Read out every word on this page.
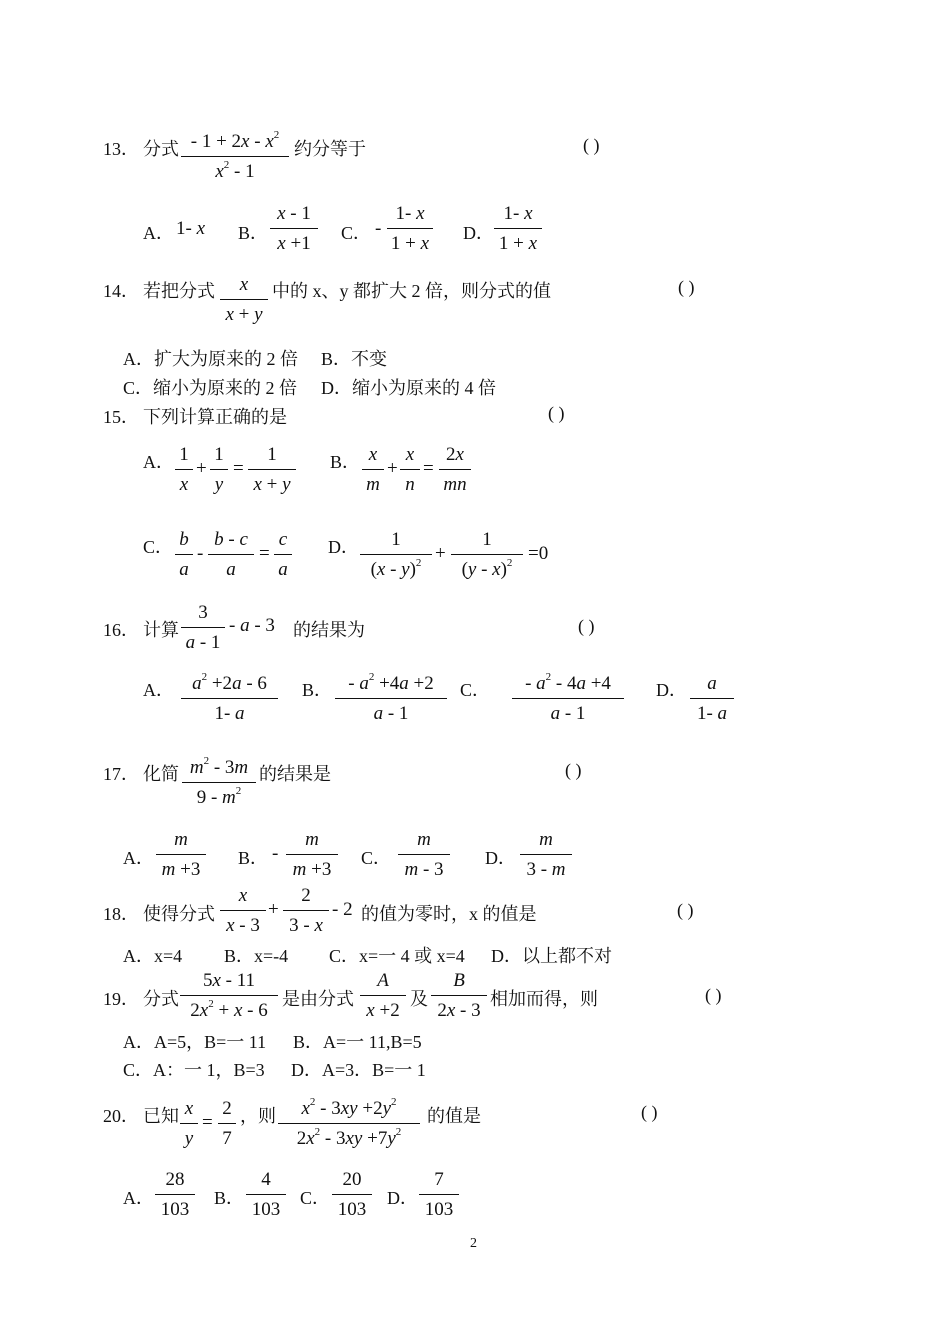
13． 分式 - $1 + 2x - x^2$
$x^2 - 1$
约分等于	( )
A． 1- x B．
x - 1
x +1	C． -
1- x
1 + x D．
1- x
1 + x
14． 若把分式	x
x + y
中的 x、y 都扩大 2 倍，则分式的值	( )
A．扩大为原来的 2 倍 B．不变
C．缩小为原来的 2 倍 D．缩小为原来的 4 倍
15． 下列计算正确的是	( )
A． 1
x
+
1
y
=
1
x + y
B． x
m
+
x
n
=
2x
mn
C． b
a
-
b - c
a
=
c
a
D．	1
(x - y)$^2$ +
1
(y - x)$^2$ =0
16． 计算
3
a - 1
- a - 3 的结果为	( )
A． $a^2 +2a - 6$
1- a
B． - $a^2 +4a +2$
a - 1
C．	- $a^2 - 4a +4$
a - 1
D．	a
1- a
17． 化简 $m^2 - 3m$
$9 - m^2$
的结果是	( )
A．
m
m +3
B． -
m
m +3
C．
m
m - 3
D．
m
3 - m
18． 使得分式
x
x - 3
+
2
3 - x
- 2 的值为零时，x 的值是	( )
A．x=4 B．x=-4 C．x=一 4 或 x=4 D．以上都不对
19． 分式
5x - 11
$2x^2 + x - 6$
是由分式
A
x +2
及
B
2x - 3
相加而得，则	( )
A．A=5，B=一 11 B．A=一 11,B=5
C．A：一 1，B=3 D．A=3．B=一 1
20． 已知 x
y
=
2
7
，则	$x^2 - 3xy +2y^2$
$2x^2 - 3xy +7y^2$
的值是	( )
A．
28
103
B．
4
103
C．
20
103
D．
7
103
2
